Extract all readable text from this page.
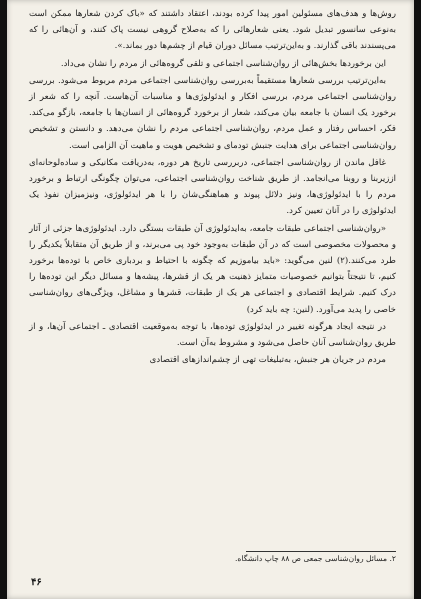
روش‌ها و هدف‌های مسئولین امور پیدا کرده بودند، اعتقاد داشتند که «باک کردن شعارها ممکن است به‌نوعی سانسور تبدیل شود. یعنی شعارهائی را که به‌صلاح گروهی نیست پاک کنند، و آن‌هائی را که می‌پسندند باقی گذارند. و به‌این‌ترتیب مسائل دوران قیام از چشم‌ها دور بماند.».

این برخوردها بخش‌هائی از روان‌شناسی اجتماعی و تلقی گروه‌هائی از مردم را نشان می‌داد.

به‌این‌ترتیب بررسی شعارها مستقیماً به‌بررسی روان‌شناسی اجتماعی مردم مربوط می‌شود. بررسی روان‌شناسی اجتماعی مردم، بررسی افکار و ایدئولوژی‌ها و مناسبات آن‌هاست. آنچه را که شعر از برخورد یک انسان با جامعه بیان می‌کند، شعار از برخورد گروه‌هائی از انسان‌ها با جامعه، بازگو می‌کند. فکر، احساس رفتار و عمل مردم، روان‌شناسی اجتماعی مردم را نشان می‌دهد. و دانستن و تشخیص روان‌شناسی اجتماعی برای هدایت جنبش تودمای و تشخیص هویت و ماهیت آن الزامی است.

غافل ماندن از روان‌شناسی اجتماعی، دربررسی تاریخ هر دوره، به‌دریافت مکانیکی و ساده‌لوحانه‌ای اززیربنا و روبنا می‌انجامد. از طریق شناخت روان‌شناسی اجتماعی، می‌توان چگونگی ارتباط و برخورد مردم را با ایدئولوژی‌ها، ونیز دلائل پیوند و هماهنگی‌شان را با هر ایدئولوژی، ونیزمیزان نفوذ یک ایدئولوژی را در آنان تعیین کرد.

«روان‌شناسی اجتماعی طبقات جامعه، به‌ایدئولوژی آن طبقات بستگی دارد. ایدئولوژی‌ها جزئی از آثار و محصولات مخصوصی است که در آن طبقات به‌وجود خود پی می‌برند، و از طریق آن متقابلاً یکدیگر را طرد می‌کنند.(۲) لنین می‌گوید: «باید بیاموزیم که چگونه با احتیاط و بردباری خاص با توده‌ها برخورد کنیم، تا نتیجتاً بتوانیم خصوصیات متمایز ذهنیت هر یک از قشرها، پیشه‌ها و مسائل دیگر این توده‌ها را درک کنیم. شرایط اقتصادی و اجتماعی هر یک از طبقات، قشرها و مشاغل، ویژگی‌های روان‌شناسی خاصی را پدید می‌آورد. (لنین: چه باید کرد)

در نتیجه ایجاد هرگونه تغییر در ایدئولوژی توده‌ها، با توجه به‌موقعیت اقتصادی ـ اجتماعی آن‌ها، و از طریق روان‌شناسی آنان حاصل می‌شود و مشروط به‌آن است.

مردم در جریان هر جنبش، به‌تبلیغات تهی از چشم‌اندازهای اقتصادی

۲. مسائل روان‌شناسی جمعی ص ۸۸ چاپ دانشگاه.
۴۶
